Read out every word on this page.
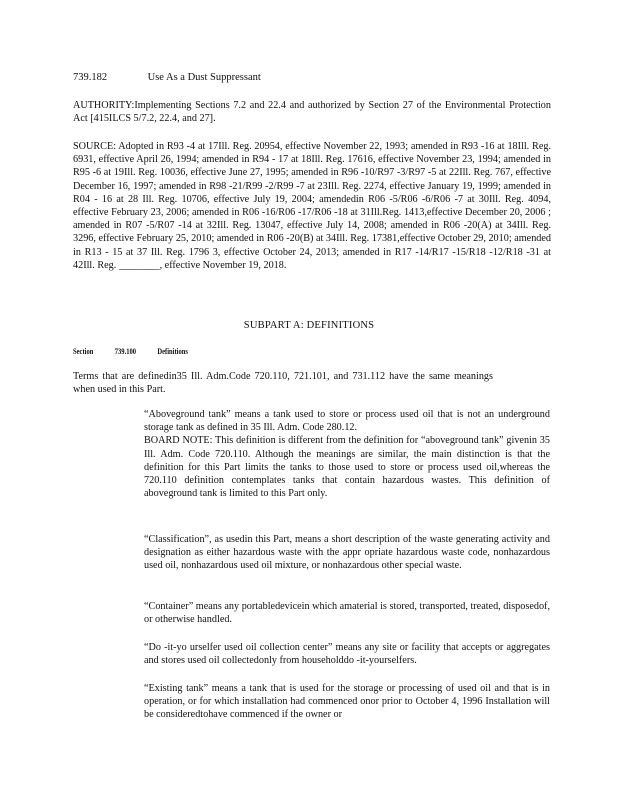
739.182	Use As a Dust Suppressant
AUTHORITY:Implementing Sections 7.2 and 22.4 and authorized by Section 27 of the Environmental Protection Act [415ILCS 5/7.2, 22.4, and 27].
SOURCE: Adopted in R93 -4 at 17Ill. Reg. 20954, effective November 22, 1993; amended in R93 -16 at 18Ill. Reg. 6931, effective April 26, 1994; amended in R94 - 17 at 18Ill. Reg. 17616, effective November 23, 1994; amended in R95 -6 at 19Ill. Reg. 10036, effective June 27, 1995; amended in R96 -10/R97 -3/R97 -5 at 22Ill. Reg. 767, effective December 16, 1997; amended in R98 -21/R99 -2/R99 -7 at 23Ill. Reg. 2274, effective January 19, 1999; amended in R04 - 16 at 28 Ill. Reg. 10706, effective July 19, 2004; amendedin R06 -5/R06 -6/R06 -7 at 30Ill. Reg. 4094, effective February 23, 2006; amended in R06 -16/R06 -17/R06 -18 at 31Ill.Reg. 1413,effective December 20, 2006 ; amended in R07 -5/R07 -14 at 32Ill. Reg. 13047, effective July 14, 2008; amended in R06 -20(A) at 34Ill. Reg. 3296, effective February 25, 2010; amended in R06 -20(B) at 34Ill. Reg. 17381,effective October 29, 2010; amended in R13 - 15 at 37 Ill. Reg. 1796 3, effective October 24, 2013; amended in R17 -14/R17 -15/R18 -12/R18 -31 at 42Ill. Reg. ________, effective November 19, 2018.
SUBPART A: DEFINITIONS
Section	739.100	Definitions
Terms that are definedin35 Ill. Adm.Code 720.110, 721.101, and 731.112 have the same meanings when used in this Part.

“Aboveground tank” means a tank used to store or process used oil that is not an underground storage tank as defined in 35 Ill. Adm. Code 280.12.

BOARD NOTE: This definition is different from the definition for “aboveground tank” givenin 35 Ill. Adm. Code 720.110. Although the meanings are similar, the main distinction is that the definition for this Part limits the tanks to those used to store or process used oil,whereas the 720.110 definition contemplates tanks that contain hazardous wastes. This definition of aboveground tank is limited to this Part only.

“Classification”, as usedin this Part, means a short description of the waste generating activity and designation as either hazardous waste with the appr opriate hazardous waste code, nonhazardous used oil, nonhazardous used oil mixture, or nonhazardous other special waste.

“Container” means any portabledevicein which amaterial is stored, transported, treated, disposedof, or otherwise handled.

“Do -it-yo urselfer used oil collection center” means any site or facility that accepts or aggregates and stores used oil collectedonly from householddo -it-yourselfers.

“Existing tank” means a tank that is used for the storage or processing of used oil and that is in operation, or for which installation had commenced onor prior to October 4, 1996 Installation will be consideredtohave commenced if the owner or
